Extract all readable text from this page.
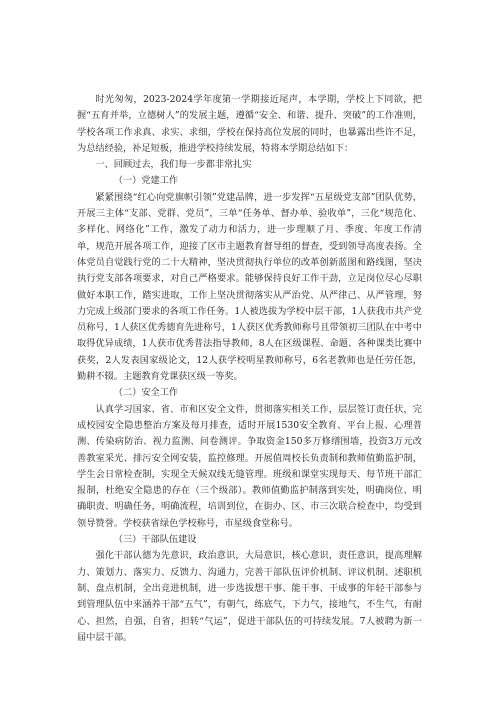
时光匆匆，2023-2024学年度第一学期接近尾声，本学期，学校上下同欲，把握“五育并举，立德树人”的发展主题，遵循“安全、和谐、提升、突破”的工作准则，学校各项工作求真、求实、求细，学校在保持高位发展的同时，也暴露出些许不足，为总结经验，补足短板，推进学校持续发展，特将本学期总结如下：

一、回顾过去，我们每一步都非常扎实

（一）党建工作

紧紧围绕“红心向党旗帜引领”党建品牌，进一步发挥“五星级党支部”团队优势，开展三主体“支部、党群、党员”，三单“任务单、督办单、验收单”，三化“规范化、多样化、网络化”工作，激发了动力和活力，进一步理顺了月、季度、年度工作清单，规范开展各项工作，迎接了区市主题教育督导组的督查，受到领导高度表扬。全体党员自觉践行党的二十大精神，坚决贯彻执行单位的改革创新蓝图和路线图，坚决执行党支部各项要求，对自己严格要求。能够保持良好工作干劲，立足岗位尽心尽职做好本职工作，踏实进取，工作上坚决贯彻落实从严治党、从严律己、从严管理，努力完成上级部门要求的各项工作任务。1人被选拔为学校中层干部，1人获我市共产党员称号，1人获区优秀德育先进称号，1人获区优秀教师称号且带领初三团队在中考中取得优异成绩，1人获市优秀普法指导教师，8人在区级课程、命题、各种课类比赛中获奖，2人发表国家级论文，12人获学校明星教师称号，6名老教师也是任劳任怨，勤耕不辍。主题教育党课获区级一等奖。

（二）安全工作

认真学习国家、省、市和区安全文件，贯彻落实相关工作，层层签订责任状，完成校园安全隐患整治方案及每月排查，适时开展1530安全教育、平台上报、心理普测、传染病防治、视力监测、问卷测评。争取资金150多万修缮围墙，投资3万元改善教室采光、排污安全网安装，监控修理。开展值周校长负责制和教师值勤监护制，学生会日常检查制，实现全天候双线无缝管理。班级和课堂实现每天、每节班干部汇报制，杜绝安全隐患的存在（三个级部）。教师值勤监护制落到实处，明确岗位、明确职责、明确任务，明确流程，培训到位，在街办、区、市三次联合检查中，均受到领导赞誉。学校获省绿色学校称号，市星级食堂称号。

（三）干部队伍建设

强化干部认德为先意识，政治意识，大局意识，核心意识，责任意识，提高理解力、策划力、落实力、反馈力、沟通力，完善干部队伍评价机制、评议机制、述职机制、盘点机制，全出竞进机制，进一步选拔想干事、能干事、干成事的年轻干部参与到管理队伍中来涵养干部“五气”，有朝气，练底气，下力气，接地气，不生气，有耐心、担然，自强，自省，担转“气运”，促进干部队伍的可持续发展。7人被聘为新一届中层干部。
